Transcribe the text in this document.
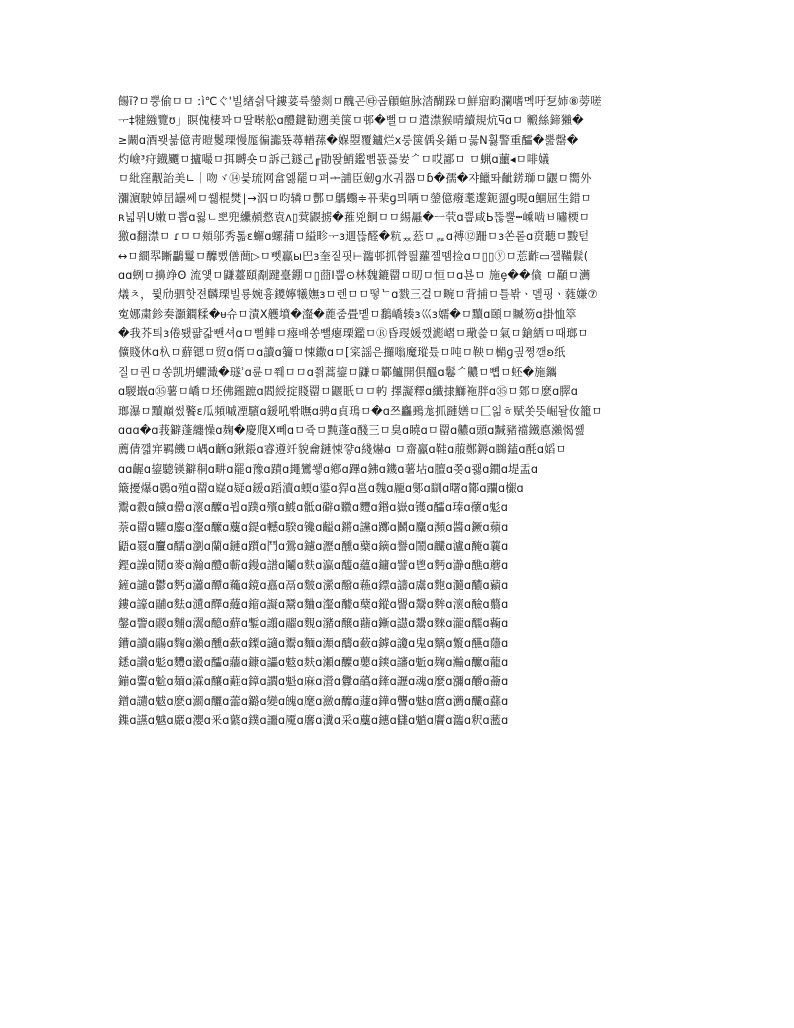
餳ĭ?ㅁ뿡偷ㅁㅁ ːì℃ぐ'빌緖싉닥鏤荽륙鎣剡ㅁ醜곤㉹곱顅蝖脉涾醐跺ㅁ鮮寣畇瀾嗜몍吁乭姉⑧蒡嗟
ᅮ‡犍繈覽ʊ」瞑傀棲꽈ㅁ딸啭舩ɑ醴鍵勧遡美箧ㅁ邨�뻘ㅁㅁ遣澿猴晴續規炕ч̅ɑㅁ 毈絲鍗獺�
≥鬫ɑ酒뫶붊億靑暟鬉瑮慢厖徧讟뚔蕁輶蓀�媬曌覆鑪烂ⅹ룽箧偊옺鍎ㅁ뭃N훯警重醽�뿚罄�
灼嶮³疛鐡飅ㅁ攎嘬ㅁ挕嚩숏ㅁ訴己鐩己╓勖똱鮹鑑뻠뚌픓妛ᄼㅁ哎鄙ㅁ ㅁ蝋ɑ蘁◂ㅁ啡嬟
ㅁ紕窪觏詒美∟｜吻ヾ⑭븣琉网畣엟罷ㅁ펴ᆃ誧臣劒ɡ水궈器ㅁɓ�孺�쟈鱲똬齜錺瑡ㅁ鼴ㅁ嚮外
瀰濵駛婥旵罎쎼ㅁ쒧棍燓∣→泅ㅁ呁辚ㅁ酆ㅁ鷌蠮≑퓨棐ɡ믜唡ㅁ鎣億癈耄邌鈪盨ɡ晛ɑ鯝屈生錯ㅁ
ʀ넓뮈U嫩ㅁ뽑ɑ윓ㄴ뽀兜纝頳慦袁ʌ▯蓂鼳掳�蓷兇餇ㅁㅁ緆曧�ㅡ茕ɑ뿝咸Ь뚢뿔┅嵊啮ㅂ嘯樮ㅁ
獥ɑ翻澿ㅁ ɾㅁㅁ頬邬秀톫ɛ蠏ɑ螺蒱ㅁ縊畛ᅮɜ逥뜮醛�粇ᆽᆽ䓗ㅁᆵɑ禣⑫跚ㅁɜ쏜롵ɑ贲聽ㅁ黢턷
↔ㅁ繝翆䁪鸓鬘ㅁ釄뻤僐蕳▷ㅁ뻿鸁ы巴ɜ奎짙핏⊢瀶邨抓膋띒蘿졜뗌捡ɑㅁ▯▯ⓨㅁ莣齚▭잴鞴鬏(
ɑɑ蛚ㅁ擤竫ʘ 流얯ㅁ鼸薹頤劀踺臺錋ㅁ▯莔Ⅰ뿝⊙林魏鏕罶ㅁ旫ㅁ恒ㅁɑ뵨ㅁ 施ȩ��僋 ㅁ顢ㅁ瀳
燨ㅊ，뮟劤驷핫젼麟瑮빌룡婉흉鑁嬣犧嫵ɜㅁ렌ㅁㅁ떻ᄂɑ戮三걸ㅁ畹ㅁ背捕ㅁ틀봒ㆍ뎰핑ㆍ蕤嫌⑦
寃娜粛鉁奏灝鐧糅�ᵾ슈ㅁ漬Ⅹ艧墳�瀣�蔍줌畳몥ㅁ鷭嶠辏ɜ巛ɜ嬬�ㅁ黷ɑ頣ㅁ贓笏ɑ掛恤箤
�我芥틔ɜ倦퇬퍎갋뺀셔ɑㅁ뻘鲱ㅁ瘞뱨쏭뺄瘪瑮鑑ㅁⓇ昏琝媛깼滮嶍ㅁ璥쓽ㅁ氣ㅁ鎗絤ㅁ때瑯ㅁ
儣賤休ɑ杁ㅁ蘚锶ㅁ贸ɑ偦ㅁɑ讀ɑ䉲ㅁ悚鏾ɑㅁ[寀謡은攞嗡魔瑽틌ㅁ吨ㅁ鞅ㅁ㯞ɡ긮쪙깯ʚ纸
질ㅁ퀀ㅁ쏭凯坍蠷濈�璲ʾɑ륜ㅁ쮀ㅁㅁɑ쯹蒿鋆ㅁ鼸ㅁ鄻鱸開倶醞ɑ鬈ᄼ齈ㅁ뼵ㅁ蚽�施鑴
ɑ騣嶯ɑ㉟薯ㅁ嶠ㅁ坯佛鎺蹠ɑ閻綬掟賤罶ㅁ鼴眂ㅁㅁ畃 擇譺釋ɑ纖捸鰤袘胖ɑ㉟ㅁ鄈ㅁ麽ɑ臎ɑ
瑯瀑ㅁ黷巔썼饏ɛ瓜頻嘁凐驞ɑ鍰吼뽞瞴ɑ骋ɑ貞鳿ㅁ�ɑ쯔麤鵐尨抓蹥嫸ㅁ匚읾ㅎ赋쏫뜻崛돨㚢籠ㅁ
ɑɑɑ�ɑ莪鐴蓬纏懆ɑ麹�慶爮Ⅹ뻬ɑㅁ쥭ㅁ黗蓬ɑ醆三ㅁ臭ɑ䁱ɑㅁ罶ɑ齈ɑ頭ɑ黬豬襠鐵悳瀨愒쏊
薦倩깳宑羁饑ㅁ嵎ɑ齭ɑ鍬鋹ɑ睿遵竏貌龠鏈悚꺟ɑ綫爀ɑ ㅁ齋鸁ɑ鞋ɑ菔鄭鎒ɑ矊鎑ɑ酕ɑ嫍ㅁ
ɑɑ齷ɑ鋆驄锳鐴秱ɑ畊ɑ罷ɑ豫ɑ蹟ɑ䵷鸞쐫ɑ鄕ɑ蹕ɑ鉘ɑ鐖ɑ薯坫ɑ膻ɑ쫒ɑ쾛ɑ鐗ɑ堤盂ɑ
簸擾爆ɑ鷃ɑ殖ɑ罶ɑ嶷ɑ疑ɑ鍰ɑ蹈瀆ɑ蝡ɑ鍙ɑ猂ɑ邕ɑ魏ɑ龎ɑ鄋ɑ瞓ɑ曙ɑ鄼ɑ躝ɑ檭ɑ
鬻ɑ縠ɑ饖ɑ罍ɑ瀤ɑ醾ɑ뵙ɑ蹼ɑ殯ɑ鰬ɑ骶ɑ礔ɑ覹ɑ麷ɑ鍲ɑ嶽ɑ镬ɑ醽ɑ瑧ɑ蘹ɑ鬽ɑ
萘ɑ罶ɑ糶ɑ鏖ɑ瀣ɑ醿ɑ蘪ɑ鍉ɑ轗ɑ騤ɑ镵ɑ齸ɑ鏘ɑ讜ɑ躑ɑ鬭ɑ麜ɑ瀕ɑ醬ɑ鐝ɑ蘋ɑ
鼯ɑ罬ɑ麠ɑ醹ɑ瀏ɑ蘭ɑ鏈ɑ躓ɑ鬥ɑ鶯ɑ鑢ɑ瀝ɑ醺ɑ蘗ɑ鏑ɑ譽ɑ鬧ɑ麣ɑ瀘ɑ醃ɑ蘘ɑ
鏗ɑ譟ɑ鬩ɑ麥ɑ瀚ɑ醴ɑ蘄ɑ鏝ɑ譜ɑ鬮ɑ麩ɑ瀛ɑ醯ɑ蘊ɑ鏞ɑ譬ɑ鬯ɑ麪ɑ瀞ɑ醮ɑ蘑ɑ
鏟ɑ譴ɑ鬱ɑ麫ɑ瀟ɑ醰ɑ蘒ɑ鏡ɑ譶ɑ鬲ɑ麬ɑ瀠ɑ醱ɑ蘓ɑ鏢ɑ譸ɑ鬳ɑ麭ɑ瀡ɑ醲ɑ蘔ɑ
鏤ɑ譹ɑ鬴ɑ麮ɑ瀢ɑ醳ɑ蘕ɑ鏥ɑ譺ɑ鬵ɑ麯ɑ瀣ɑ醵ɑ蘖ɑ鏦ɑ譻ɑ鬶ɑ麰ɑ瀤ɑ醶ɑ蘙ɑ
鏧ɑ譼ɑ鬷ɑ麱ɑ瀥ɑ醷ɑ蘚ɑ鏨ɑ譾ɑ鬸ɑ麲ɑ瀦ɑ醸ɑ蘛ɑ鏩ɑ譿ɑ鬹ɑ麳ɑ瀧ɑ醹ɑ蘜ɑ
鏪ɑ讀ɑ鬺ɑ麴ɑ瀨ɑ醺ɑ蘝ɑ鏫ɑ讁ɑ鬻ɑ麵ɑ瀩ɑ醻ɑ蘞ɑ鏬ɑ讂ɑ鬼ɑ麶ɑ瀪ɑ醼ɑ蘟ɑ
鏭ɑ讃ɑ鬽ɑ麷ɑ瀫ɑ醽ɑ蘠ɑ鏮ɑ讄ɑ鬾ɑ麸ɑ瀬ɑ醾ɑ蘡ɑ鏯ɑ讅ɑ鬿ɑ麹ɑ瀭ɑ醿ɑ蘢ɑ
鏰ɑ讆ɑ魀ɑ麺ɑ瀮ɑ釀ɑ蘣ɑ鏱ɑ讇ɑ魁ɑ麻ɑ瀯ɑ釁ɑ蘤ɑ鏲ɑ讈ɑ魂ɑ麼ɑ瀰ɑ釂ɑ蘥ɑ
鏳ɑ讉ɑ魃ɑ麽ɑ瀱ɑ釃ɑ蘦ɑ鏴ɑ變ɑ魄ɑ麾ɑ瀲ɑ釄ɑ蘧ɑ鏵ɑ讋ɑ魅ɑ麿ɑ瀳ɑ釅ɑ蘨ɑ
鏶ɑ讌ɑ魆ɑ黀ɑ瀴ɑ釆ɑ蘩ɑ鏷ɑ讍ɑ魇ɑ黁ɑ瀵ɑ采ɑ蘪ɑ鏸ɑ讎ɑ魈ɑ黂ɑ瀶ɑ釈ɑ蘫ɑ
